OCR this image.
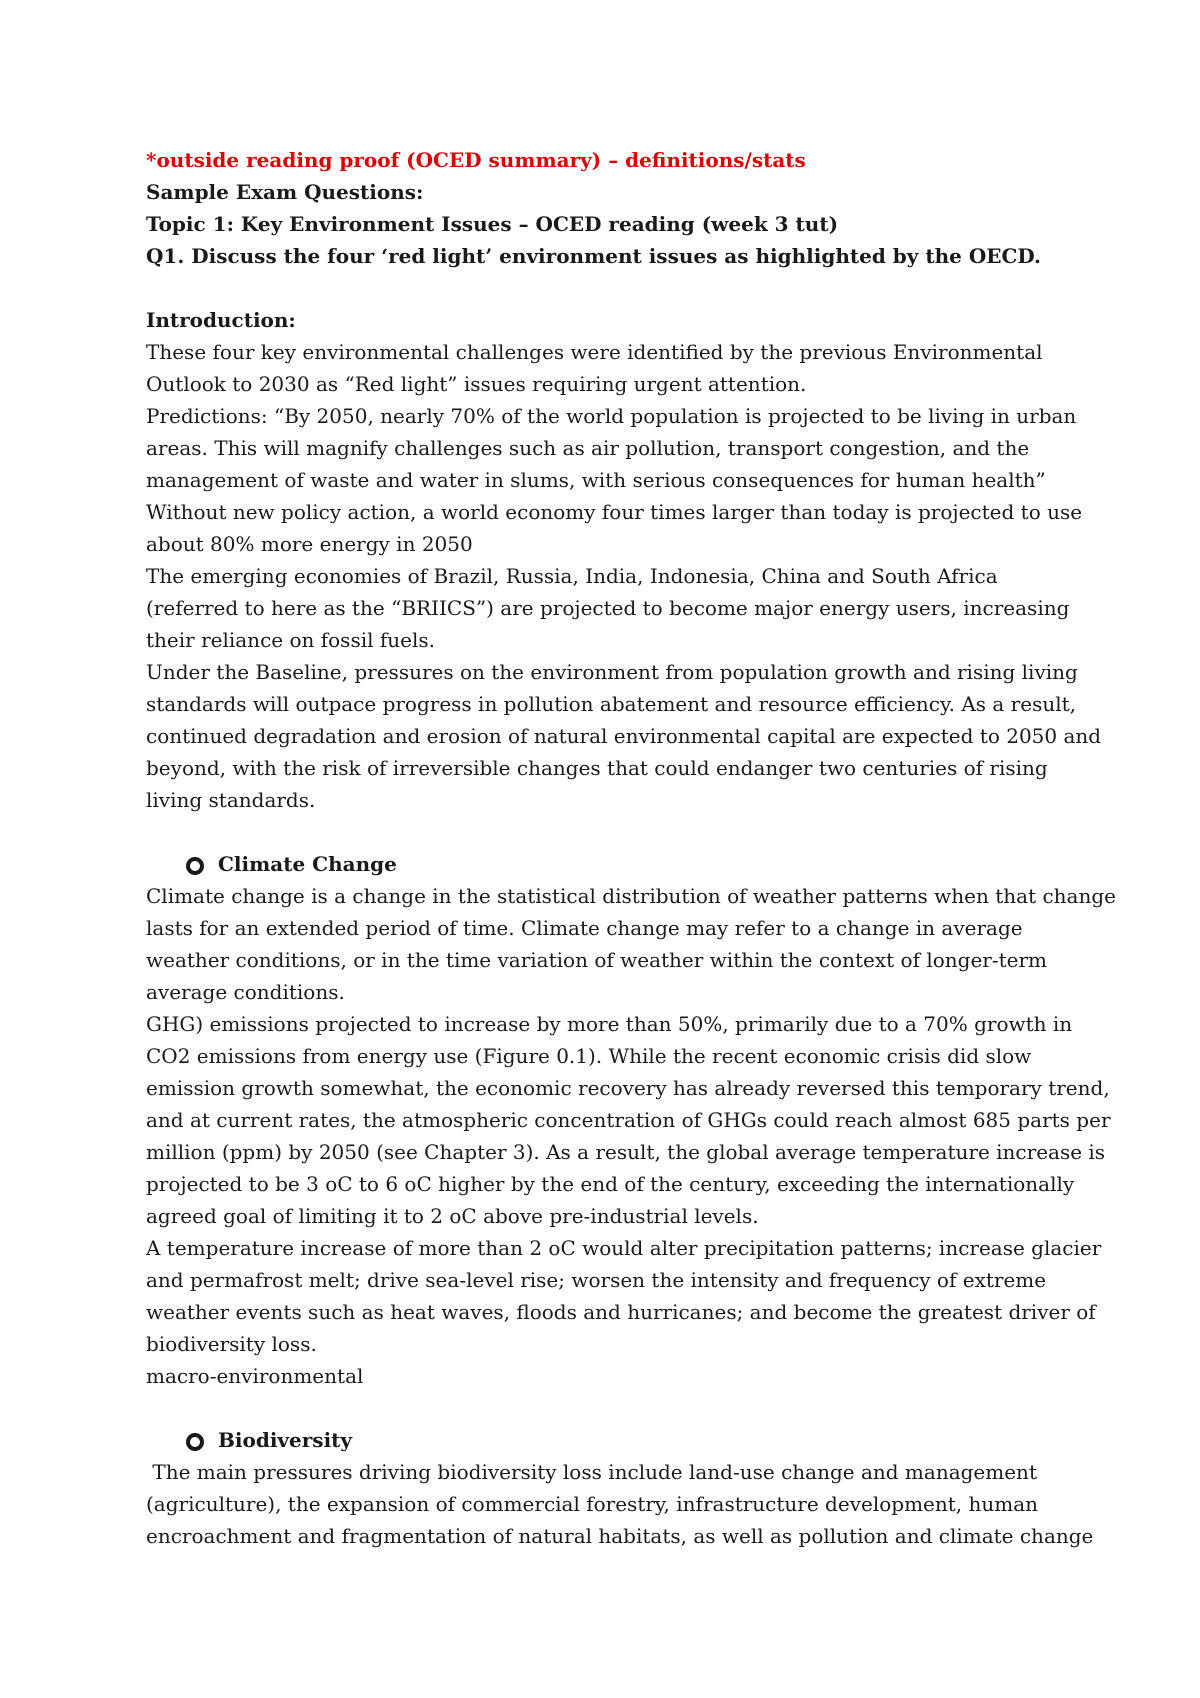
*outside reading proof (OCED summary) – definitions/stats

Sample Exam Questions:

Topic 1: Key Environment Issues – OCED reading (week 3 tut)

Q1. Discuss the four ‘red light’ environment issues as highlighted by the OECD.

Introduction:

These four key environmental challenges were identified by the previous Environmental
Outlook to 2030 as “Red light” issues requiring urgent attention.
Predictions: “By 2050, nearly 70% of the world population is projected to be living in urban
areas. This will magnify challenges such as air pollution, transport congestion, and the
management of waste and water in slums, with serious consequences for human health”
Without new policy action, a world economy four times larger than today is projected to use
about 80% more energy in 2050
The emerging economies of Brazil, Russia, India, Indonesia, China and South Africa
(referred to here as the “BRIICS”) are projected to become major energy users, increasing
their reliance on fossil fuels.
Under the Baseline, pressures on the environment from population growth and rising living
standards will outpace progress in pollution abatement and resource efficiency. As a result,
continued degradation and erosion of natural environmental capital are expected to 2050 and
beyond, with the risk of irreversible changes that could endanger two centuries of rising
living standards.

Climate Change

Climate change is a change in the statistical distribution of weather patterns when that change
lasts for an extended period of time. Climate change may refer to a change in average
weather conditions, or in the time variation of weather within the context of longer-term
average conditions.
GHG) emissions projected to increase by more than 50%, primarily due to a 70% growth in
CO2 emissions from energy use (Figure 0.1). While the recent economic crisis did slow
emission growth somewhat, the economic recovery has already reversed this temporary trend,
and at current rates, the atmospheric concentration of GHGs could reach almost 685 parts per
million (ppm) by 2050 (see Chapter 3). As a result, the global average temperature increase is
projected to be 3 oC to 6 oC higher by the end of the century, exceeding the internationally
agreed goal of limiting it to 2 oC above pre-industrial levels.
A temperature increase of more than 2 oC would alter precipitation patterns; increase glacier
and permafrost melt; drive sea-level rise; worsen the intensity and frequency of extreme
weather events such as heat waves, floods and hurricanes; and become the greatest driver of
biodiversity loss.
macro-environmental

Biodiversity

The main pressures driving biodiversity loss include land-use change and management
(agriculture), the expansion of commercial forestry, infrastructure development, human
encroachment and fragmentation of natural habitats, as well as pollution and climate change
